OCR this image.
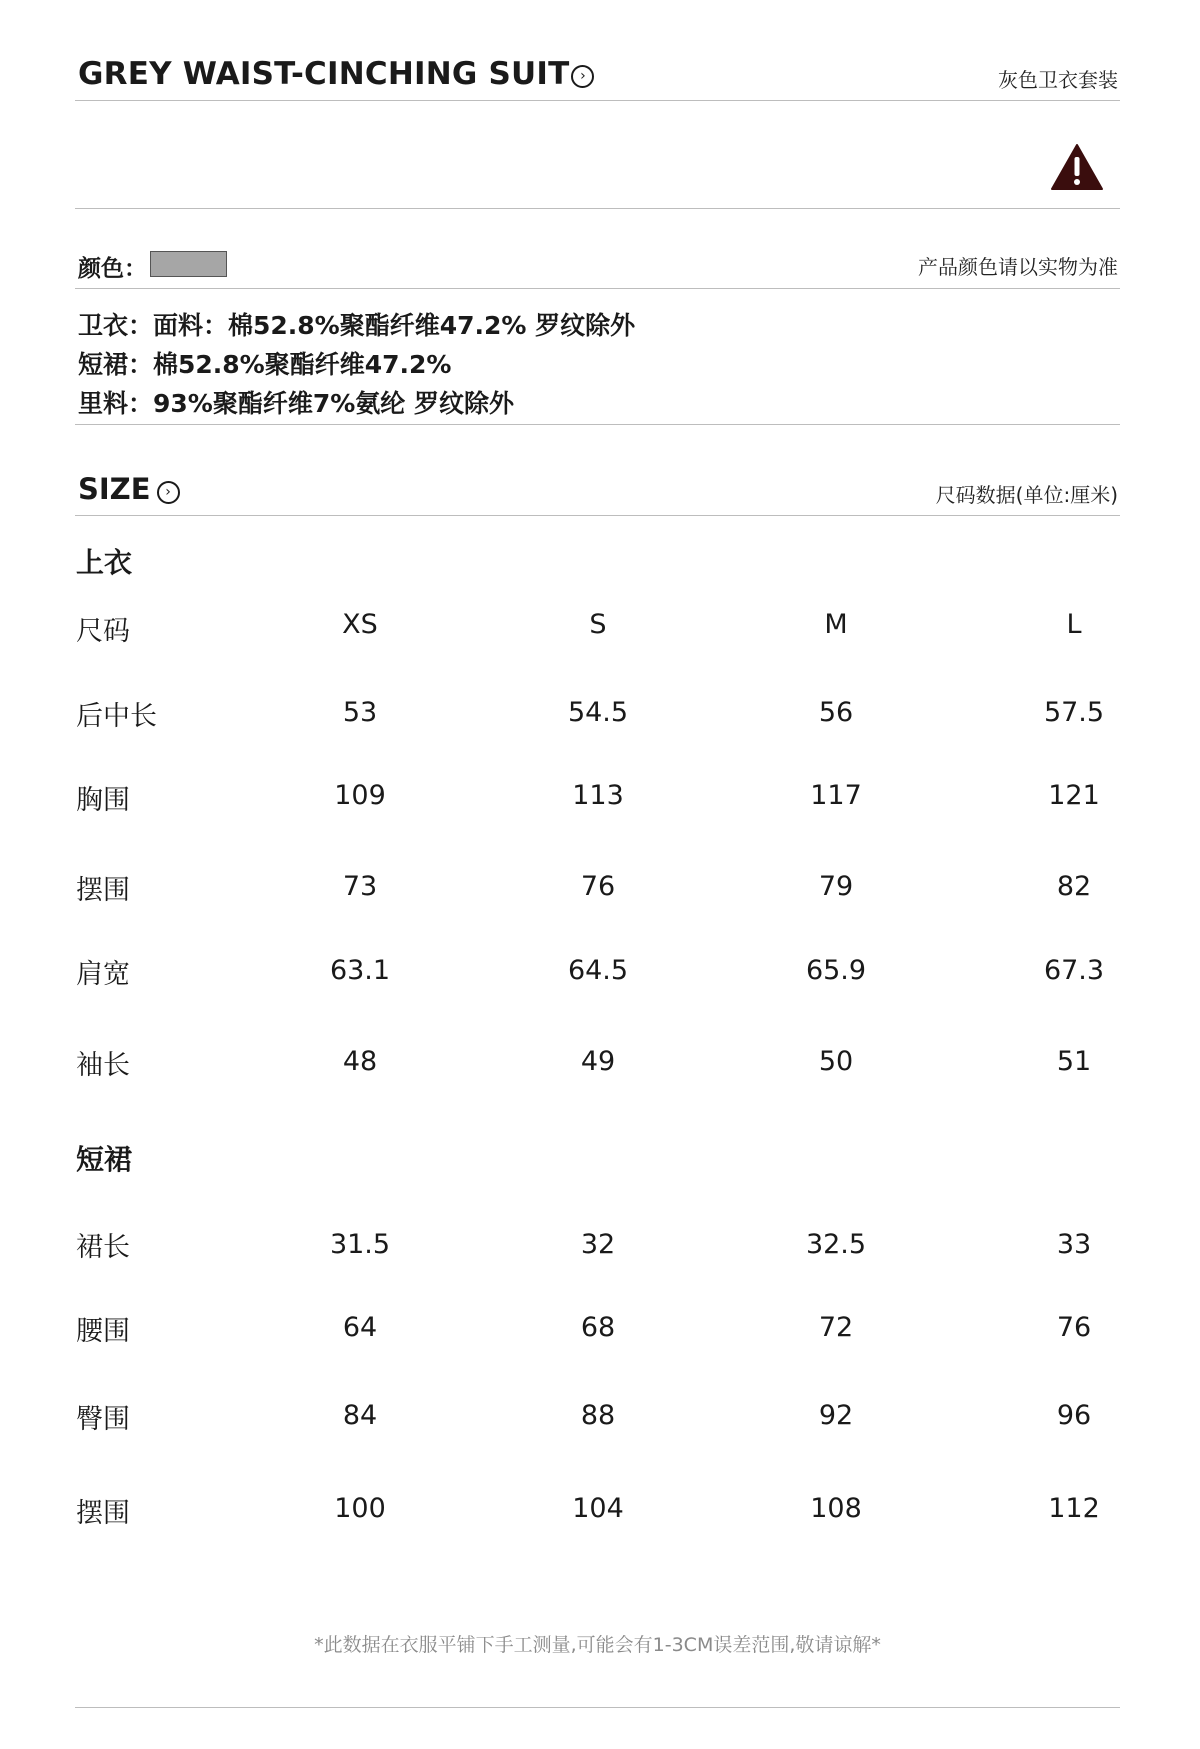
GREY WAIST-CINCHING SUIT ›	灰色卫衣套装
颜色：	产品颜色请以实物为准
卫衣：面料：棉52.8%聚酯纤维47.2% 罗纹除外
短裙：棉52.8%聚酯纤维47.2%
里料：93%聚酯纤维7%氨纶 罗纹除外
SIZE ›	尺码数据(单位:厘米)
上衣
尺码	XS	S	M	L
后中长	53	54.5	56	57.5
胸围	109	113	117	121
摆围	73	76	79	82
肩宽	63.1	64.5	65.9	67.3
袖长	48	49	50	51
短裙
裙长	31.5	32	32.5	33
腰围	64	68	72	76
臀围	84	88	92	96
摆围	100	104	108	112
*此数据在衣服平铺下手工测量,可能会有1-3CM误差范围,敬请谅解*
